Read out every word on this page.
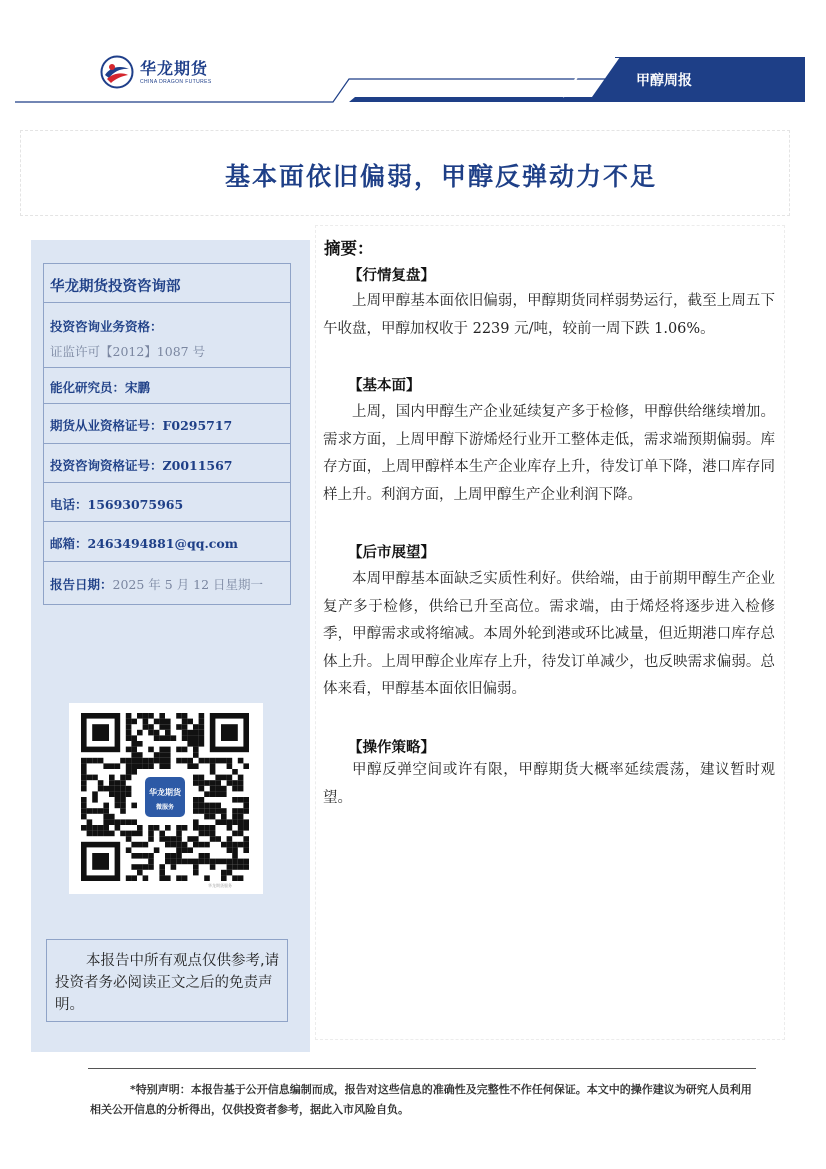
华龙期货
CHINA DRAGON FUTURES	甲醇周报
基本面依旧偏弱，甲醇反弹动力不足
华龙期货投资咨询部
投资咨询业务资格：
证监许可【2012】1087 号
能化研究员：宋鹏
期货从业资格证号：F0295717
投资咨询资格证号：Z0011567
电话：15693075965
邮箱：2463494881@qq.com
报告日期：2025 年 5 月 12 日星期一
华龙期货
微服务
华龙期货服务
本报告中所有观点仅供参考,请投资者务必阅读正文之后的免责声明。
摘要：
【行情复盘】
上周甲醇基本面依旧偏弱，甲醇期货同样弱势运行，截至上周五下午收盘，甲醇加权收于 2239 元/吨，较前一周下跌 1.06%。
【基本面】
上周，国内甲醇生产企业延续复产多于检修，甲醇供给继续增加。需求方面，上周甲醇下游烯烃行业开工整体走低，需求端预期偏弱。库存方面，上周甲醇样本生产企业库存上升，待发订单下降，港口库存同样上升。利润方面，上周甲醇生产企业利润下降。
【后市展望】
本周甲醇基本面缺乏实质性利好。供给端，由于前期甲醇生产企业复产多于检修，供给已升至高位。需求端，由于烯烃将逐步进入检修季，甲醇需求或将缩减。本周外轮到港或环比减量，但近期港口库存总体上升。上周甲醇企业库存上升，待发订单减少，也反映需求偏弱。总体来看，甲醇基本面依旧偏弱。
【操作策略】
甲醇反弹空间或许有限，甲醇期货大概率延续震荡，建议暂时观望。
*特别声明：本报告基于公开信息编制而成，报告对这些信息的准确性及完整性不作任何保证。本文中的操作建议为研究人员利用相关公开信息的分析得出，仅供投资者参考，据此入市风险自负。
